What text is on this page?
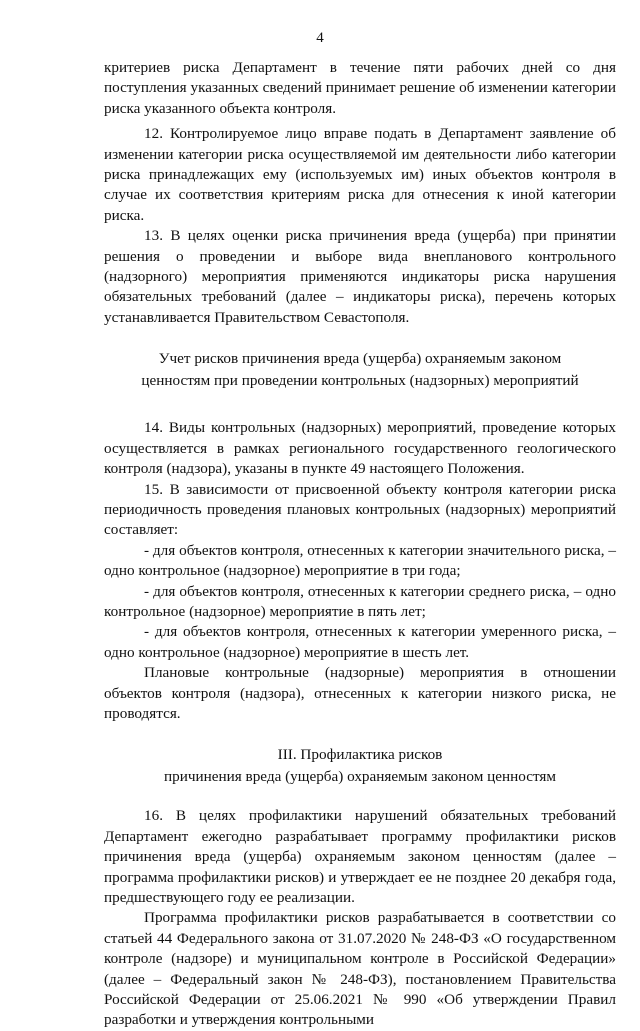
4

критериев риска Департамент в течение пяти рабочих дней со дня поступления указанных сведений принимает решение об изменении категории риска указанного объекта контроля.

12. Контролируемое лицо вправе подать в Департамент заявление об изменении категории риска осуществляемой им деятельности либо категории риска принадлежащих ему (используемых им) иных объектов контроля в случае их соответствия критериям риска для отнесения к иной категории риска.

13. В целях оценки риска причинения вреда (ущерба) при принятии решения о проведении и выборе вида внепланового контрольного (надзорного) мероприятия применяются индикаторы риска нарушения обязательных требований (далее – индикаторы риска), перечень которых устанавливается Правительством Севастополя.

Учет рисков причинения вреда (ущерба) охраняемым законом

ценностям при проведении контрольных (надзорных) мероприятий

14. Виды контрольных (надзорных) мероприятий, проведение которых осуществляется в рамках регионального государственного геологического контроля (надзора), указаны в пункте 49 настоящего Положения.

15. В зависимости от присвоенной объекту контроля категории риска периодичность проведения плановых контрольных (надзорных) мероприятий составляет:

- для объектов контроля, отнесенных к категории значительного риска, – одно контрольное (надзорное) мероприятие в три года;

- для объектов контроля, отнесенных к категории среднего риска, – одно контрольное (надзорное) мероприятие в пять лет;

- для объектов контроля, отнесенных к категории умеренного риска, – одно контрольное (надзорное) мероприятие в шесть лет.

Плановые контрольные (надзорные) мероприятия в отношении объектов контроля (надзора), отнесенных к категории низкого риска, не проводятся.

III. Профилактика рисков

причинения вреда (ущерба) охраняемым законом ценностям

16. В целях профилактики нарушений обязательных требований Департамент ежегодно разрабатывает программу профилактики рисков причинения вреда (ущерба) охраняемым законом ценностям (далее – программа профилактики рисков) и утверждает ее не позднее 20 декабря года, предшествующего году ее реализации.

Программа профилактики рисков разрабатывается в соответствии со статьей 44 Федерального закона от 31.07.2020 № 248-ФЗ «О государственном контроле (надзоре) и муниципальном контроле в Российской Федерации» (далее – Федеральный закон № 248-ФЗ), постановлением Правительства Российской Федерации от 25.06.2021 № 990 «Об утверждении Правил разработки и утверждения контрольными
